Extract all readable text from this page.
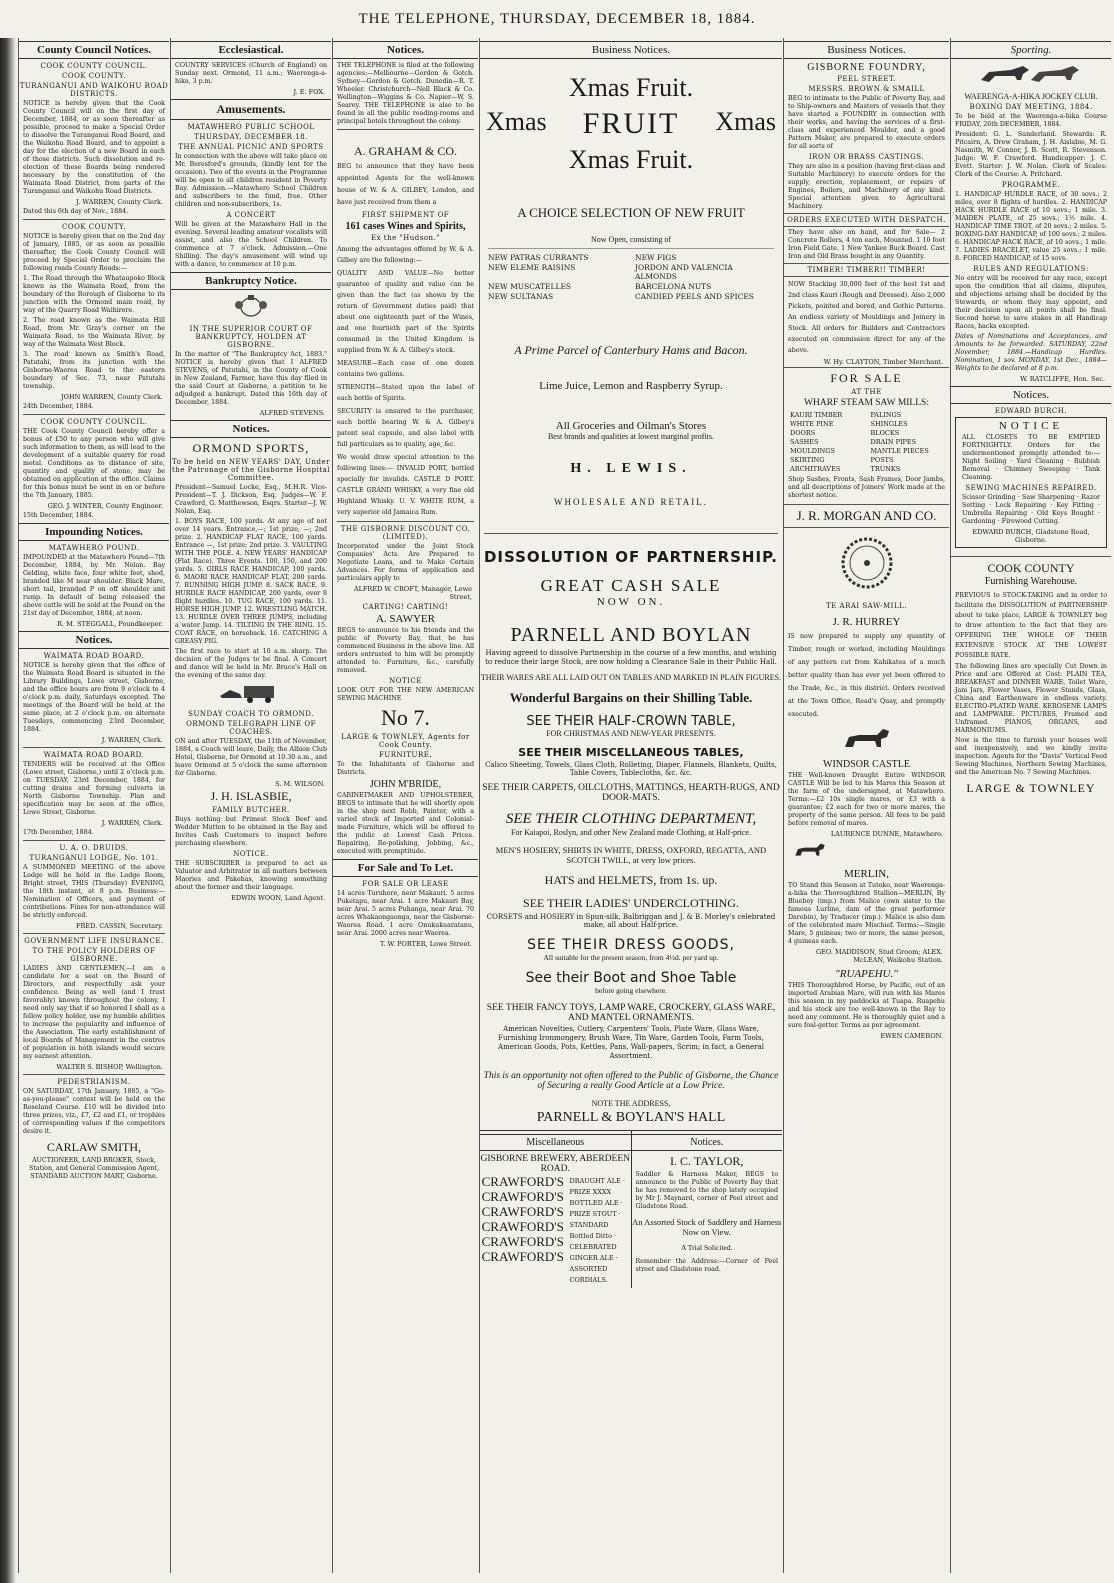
THE TELEPHONE, THURSDAY, DECEMBER 18, 1884.
County Council Notices.
COOK COUNTY COUNCIL.
COOK COUNTY.
TURANGANUI AND WAIKOHU ROAD DISTRICTS.
NOTICE is hereby given that the Cook County Council will on the first day of December, 1884, or as soon thereafter as possible, proceed to make a Special Order to dissolve the Turanganui Road Board, and the Waikohu Road Board, and to appoint a day for the election of a new Board in each of those districts. Such dissolution and re-election of these Boards being rendered necessary by the constitution of the Waimata Road District, from parts of the Turanganui and Waikohu Road Districts.
J. WARREN, County Clerk.
Dated this 6th day of Nov., 1884.
COOK COUNTY.
NOTICE is hereby given that on the 2nd day of January, 1885, or as soon as possible thereafter, the Cook County Council will proceed by Special Order to proclaim the following roads County Roads:—
1. The Road through the Whataupoko Block known as the Waimata Road, from the boundary of the Borough of Gisborne to its junction with the Ormond main road, by way of the Quarry Road Waihirere.
2. The road known as the Waimata Hill Road, from Mr. Gray's corner on the Waimata Road, to the Waimata River, by way of the Waimata West Block.
3. The road known as Smith's Road, Patutahi, from its junction with the Gisborne-Waerea Road to the eastern boundary of Sec. 73, near Patutahi township.
JOHN WARREN, County Clerk.
24th December, 1884.
COOK COUNTY COUNCIL.
THE Cook County Council hereby offer a bonus of £50 to any person who will give such information to them, as will lead to the development of a suitable quarry for road metal. Conditions as to distance of site, quantity and quality of stone, may be obtained on application at the office. Claims for this bonus must be sent in on or before the 7th January, 1885.
GEO. J. WINTER, County Engineer.
15th December, 1884.
Impounding Notices.
MATAWHERO POUND.
IMPOUNDED at the Matawhero Pound—7th December, 1884, by Mr. Nolan. Bay Gelding, white face, four white feet, shod, branded like M near shoulder. Black Mare, short tail, branded P on off shoulder and rump. In default of being released the above cattle will be sold at the Pound on the 21st day of December, 1884, at noon.
R. M. STEGGALL, Poundkeeper.
Notices.
WAIMATA ROAD BOARD.
NOTICE is hereby given that the office of the Waimata Road Board is situated in the Library Buildings, Lowe street, Gisborne, and the office hours are from 9 o'clock to 4 o'clock p.m. daily, Saturdays excepted. The meetings of the Board will be held at the same place, at 2 o'clock p.m. on alternate Tuesdays, commencing 23rd December, 1884.
J. WARREN, Clerk.
WAIMATA ROAD BOARD.
TENDERS will be received at the Office (Lowe street, Gisborne,) until 2 o'clock p.m. on TUESDAY, 23rd December, 1884, for cutting drains and forming culverts in North Gisborne Township. Plan and specification may be seen at the office, Lowe Street, Gisborne.
J. WARREN, Clerk.
17th December, 1884.
U. A. O. DRUIDS.
TURANGANUI LODGE, No. 101.
A SUMMONED MEETING of the above Lodge will be held in the Lodge Room, Bright street, THIS (Thursday) EVENING, the 18th instant, at 8 p.m. Business:—Nomination of Officers, and payment of contributions. Fines for non-attendance will be strictly enforced.
FRED. CASSIN, Secretary.
GOVERNMENT LIFE INSURANCE.
TO THE POLICY HOLDERS OF GISBORNE.
LADIES AND GENTLEMEN,—I am a candidate for a seat on the Board of Directors, and respectfully ask your confidence. Being as well (and I trust favorably) known throughout the colony, I need only say that if so honored I shall as a fellow policy holder, use my humble abilities to increase the popularity and influence of the Association. The early establishment of local Boards of Management in the centres of population in both islands would secure my earnest attention.
WALTER S. BISHOP, Wellington.
PEDESTRIANISM.
ON SATURDAY, 17th January, 1885, a "Go-as-you-please" contest will be held on the Roseland Course. £10 will be divided into three prizes, viz., £7, £2 and £1, or trophies of corresponding values if the competitors desire it.
CARLAW SMITH,
AUCTIONEER, LAND BROKER, Stock, Station, and General Commission Agent, STANDARD AUCTION MART, Gisborne.
Ecclesiastical.
COUNTRY SERVICES (Church of England) on Sunday next. Ormond, 11 a.m.; Waerenga-a-hika, 3 p.m.
J. E. FOX.
Amusements.
MATAWHERO PUBLIC SCHOOL
THURSDAY, DECEMBER 18.
THE ANNUAL PICNIC AND SPORTS
In connection with the above will take place on Mr. Beresford's grounds, (kindly lent for the occasion). Two of the events in the Programme will be open to all children resident in Poverty Bay. Admission.—Matawhero School Children and subscribers to the fund, free. Other children and non-subscribers, 1s.
A CONCERT
Will be given at the Matawhero Hall in the evening. Several leading amateur vocalists will assist, and also the School Children. To commence at 7 o'clock. Admission.—One Shilling. The day's amusement will wind up with a dance, to commence at 10 p.m.
Bankruptcy Notice.
IN THE SUPERIOR COURT OF BANKRUPTCY, HOLDEN AT GISBORNE.
In the matter of "The Bankruptcy Act, 1883." NOTICE is hereby given that I ALFRED STEVENS, of Patutahi, in the County of Cook in New Zealand, Farmer, have this day filed in the said Court at Gisborne, a petition to be adjudged a bankrupt. Dated this 16th day of December, 1884.
ALFRED STEVENS.
Notices.
ORMOND SPORTS,
To be held on NEW YEARS' DAY, Under the Patronage of the Gisborne Hospital Committee.
President—Samuel Locke, Esq., M.H.R. Vice-President—T. J. Dickson, Esq. Judges—W. F. Crawford, G. Matthewson, Esqrs. Starter—J. W. Nolan, Esq.
1. BOYS RACE, 100 yards. At any age of not over 14 years. Entrance,—; 1st prize, —; 2nd prize. 2. HANDICAP FLAT RACE, 100 yards. Entrance —, 1st prize; 2nd prize. 3. VAULTING WITH THE POLE. 4. NEW YEARS' HANDICAP (Flat Race). Three Events. 100, 150, and 200 yards. 5. GIRLS RACE HANDICAP, 100 yards. 6. MAORI RACE HANDICAP FLAT, 200 yards. 7. RUNNING HIGH JUMP. 8. SACK RACE. 9. HURDLE RACE HANDICAP, 200 yards, over 8 flight hurdles. 10. TUG RACE, 100 yards. 11. HORSE HIGH JUMP. 12. WRESTLING MATCH. 13. HURDLE OVER THREE JUMPS, including a water Jump. 14. TILTING IN THE RING. 15. COAT RACE, on horseback. 16. CATCHING A GREASY PIG.
The first race to start at 10 a.m. sharp. The decision of the Judges to be final. A Concert and dance will be held in Mr. Bruce's Hall on the evening of the same day.
SUNDAY COACH TO ORMOND.
ORMOND TELEGRAPH LINE OF COACHES.
ON and after TUESDAY, the 11th of November, 1884, a Coach will leave, Daily, the Albion Club Hotel, Gisborne, for Ormond at 10.30 a.m., and leave Ormond at 5 o'clock the same afternoon for Gisborne.
S. M. WILSON.
J. H. ISLASBIE,
FAMILY BUTCHER.
Buys nothing but Primest Stock Beef and Wedder Mutton to be obtained in the Bay and Invites Cash Customers to inspect before purchasing elsewhere.
NOTICE.
THE SUBSCRIBER is prepared to act as Valuator and Arbitrator in all matters between Maories and Pakehas, knowing something about the former and their language.
EDWIN WOON, Land Agent.
Notices.
THE TELEPHONE is filed at the following agencies:—Melbourne—Gordon & Gotch. Sydney—Gordon & Gotch. Dunedin—R. T. Wheeler. Christchurch—Nell Black & Co. Wellington—Wiggins & Co. Napier—W. S. Searey. THE TELEPHONE is also to be found in all the public reading-rooms and principal hotels throughout the colony.
A. GRAHAM & CO.
BEG to announce that they have been appointed Agents for the well-known house of W. & A. GILBEY, London, and have just received from them a
FIRST SHIPMENT OF
161 cases Wines and Spirits,
Ex the "Hudson."
Among the advantages offered by W. & A. Gilbey are the following:—
QUALITY AND VALUE—No better guarantee of quality and value can be given than the fact (as shown by the return of Government duties paid) that about one eighteenth part of the Wines, and one fourtieth part of the Spirits consumed in the United Kingdom is supplied from W. & A. Gilbey's stock.
MEASURE—Each case of one dozen contains two gallons.
STRENGTH—Stated upon the label of each bottle of Spirits.
SECURITY is ensured to the purchaser, each bottle bearing W. & A. Gilbey's patent seal capsule, and also label with full particulars as to quality, age, &c.
We would draw special attention to the following lines:— INVALID PORT, bottled specially for invalids. CASTLE D PORT. CASTLE GRAND WHISKY, a very fine old Highland Whisky. U. V. WHITE RUM, a very superior old Jamaica Rum.
THE GISBORNE DISCOUNT CO. (LIMITED).
Incorporated under the Joint Stock Companies' Acts. Are Prepared to Negotiate Loans, and to Make Certain Advances. For forms of application and particulars apply to
ALFRED W. CROFT, Manager, Lowe Street,
CARTING! CARTING!
A. SAWYER
BEGS to announce to his friends and the public of Poverty Bay, that he has commenced business in the above line. All orders entrusted to him will be promptly attended to. Furniture, &c., carefully removed.
NOTICE
LOOK OUT FOR THE NEW AMERICAN SEWING MACHINE
No 7.
LARGE & TOWNLEY, Agents for Cook County.
FURNITURE.
To the Inhabitants of Gisborne and Districts.
JOHN M'BRIDE,
CABINETMAKER AND UPHOLSTERER, BEGS to intimate that he will shortly open in the shop next Robb, Painter, with a varied stock of Imported and Colonial-made Furniture, which will be offered to the public at Lowest Cash Prices. Repairing, Re-polishing, Jobbing, &c., executed with promptitude.
For Sale and To Let.
FOR SALE OR LEASE
14 acres Turuhere, near Makauri. 5 acres Puketapu, near Arai. 1 acre Makauri Bay, near Arai. 5 acres Puhanga, near Arai. 70 acres Whakaongaonga, near the Gisborne-Waerea Road. 1 acre Onukukuaratanu, near Arai. 2000 acres near Waerea.
T. W. PORTER, Lowe Street.
Business Notices.
Xmas Fruit.
Xmas FRUIT Xmas
Xmas Fruit.
A CHOICE SELECTION OF NEW FRUIT
Now Open, consisting of
NEW PATRAS CURRANTS	NEW FIGS
NEW ELEME RAISINS	JORDON AND VALENCIA ALMONDS
NEW MUSCATELLES	BARCELONA NUTS
NEW SULTANAS	CANDIED PEELS AND SPICES
A Prime Parcel of Canterbury Hams and Bacon.
Lime Juice, Lemon and Raspberry Syrup.
All Groceries and Oilman's Stores
Best brands and qualities at lowest marginal profits.
H. LEWIS.
WHOLESALE AND RETAIL.
DISSOLUTION OF PARTNERSHIP.
GREAT CASH SALE
NOW ON.
PARNELL AND BOYLAN
Having agreed to dissolve Partnership in the course of a few months, and wishing to reduce their large Stock, are now holding a Clearance Sale in their Public Hall.
THEIR WARES ARE ALL LAID OUT ON TABLES AND MARKED IN PLAIN FIGURES.
Wonderful Bargains on their Shilling Table.
SEE THEIR HALF-CROWN TABLE,
FOR CHRISTMAS AND NEW-YEAR PRESENTS.
SEE THEIR MISCELLANEOUS TABLES,
Calico Sheeting, Towels, Glass Cloth, Rolleting, Diaper, Flannels, Blankets, Quilts, Table Covers, Tablecloths, &c. &c.
SEE THEIR CARPETS, OILCLOTHS, MATTINGS, HEARTH-RUGS, AND DOOR-MATS.
SEE THEIR CLOTHING DEPARTMENT,
For Kaiapoi, Roslyn, and other New Zealand made Clothing, at Half-price.
MEN'S HOSIERY, SHIRTS IN WHITE, DRESS, OXFORD, REGATTA, AND SCOTCH TWILL, at very low prices.
HATS and HELMETS, from 1s. up.
SEE THEIR LADIES' UNDERCLOTHING.
CORSETS and HOSIERY in Spun-silk, Balbriggan and J. & B. Morley's celebrated make, all about Half-price.
SEE THEIR DRESS GOODS,
All suitable for the present season, from 4½d. per yard up.
See their Boot and Shoe Table
before going elsewhere.
SEE THEIR FANCY TOYS, LAMP WARE, CROCKERY, GLASS WARE, AND MANTEL ORNAMENTS.
American Novelties, Cutlery, Carpenters' Tools, Plate Ware, Glass Ware, Furnishing Ironmongery, Brush Ware, Tin Ware, Garden Tools, Farm Tools, American Goods, Pots, Kettles, Pans, Wall-papers, Scrim; in fact, a General Assortment.
This is an opportunity not often offered to the Public of Gisborne, the Chance of Securing a really Good Article at a Low Price.
NOTE THE ADDRESS,
PARNELL & BOYLAN'S HALL
Miscellaneous
GISBORNE BREWERY, ABERDEEN ROAD.
CRAWFORD'S
CRAWFORD'S
CRAWFORD'S
CRAWFORD'S
CRAWFORD'S
CRAWFORD'S
DRAUGHT ALE · PRIZE XXXX BOTTLED ALE · PRIZE STOUT · STANDARD Bottled Ditto · CELEBRATED GINGER ALE · ASSORTED CORDIALS.
Notices.
I. C. TAYLOR,
Saddler & Harness Maker, BEGS to announce to the Public of Poverty Bay that he has removed to the shop lately occupied by Mr J. Maynard, corner of Peel street and Gladstone Road.
An Assorted Stock of Saddlery and Harness Now on View.
A Trial Solicited.
Remember the Address:—Corner of Peel street and Gladstone road.
Business Notices.
GISBORNE FOUNDRY,
PEEL STREET.
MESSRS. BROWN & SMAILL
BEG to intimate to the Public of Poverty Bay, and to Ship-owners and Masters of vessels that they have started a FOUNDRY in connection with their works, and having the services of a first-class and experienced Moulder, and a good Pattern Maker, are prepared to execute orders for all sorts of
IRON OR BRASS CASTINGS.
They are also in a position (having first-class and Suitable Machinery) to execute orders for the supply, erection, replacement, or repairs of Engines, Boilers, and Machinery of any kind. Special attention given to Agricultural Machinery.
ORDERS EXECUTED WITH DESPATCH.
They have also on hand, and for Sale— 2 Concrete Rollers, 4 ton each, Mounted. 1 10 foot Iron Field Gate. 1 New Yankee Buck Board. Cast Iron and Old Brass bought in any Quantity.
TIMBER! TIMBER!! TIMBER!
NOW Stacking 30,000 feet of the best 1st and 2nd class Kauri (Rough and Dressed). Also 2,000 Pickets, pointed and bored, and Gothic Patterns. An endless variety of Mouldings and Joinery in Stock. All orders for Builders and Contractors executed on commission direct for any of the above.
W. Hy. CLAYTON, Timber Merchant.
FOR SALE
AT THE
WHARF STEAM SAW MILLS:
KAURI TIMBER	PALINGS
WHITE PINE	SHINGLES
DOORS	BLOCKS
SASHES	DRAIN PIPES
MOULDINGS	MANTLE PIECES
SKIRTING	POSTS
ARCHITRAVES	TRUNKS
Shop Sashes, Fronts, Sash Frames, Door Jambs, and all descriptions of Joiners' Work made at the shortest notice.
J. R. MORGAN AND CO.
TE ARAI SAW-MILL.
J. R. HURREY
IS now prepared to supply any quantity of Timber, rough or worked, including Mouldings of any pattern cut from Kahikatea of a much better quality than has ever yet been offered to the Trade, &c., in this district. Orders received at the Town Office, Read's Quay, and promptly executed.
WINDSOR CASTLE
THE Well-known Draught Entire WINDSOR CASTLE Will be led to his Mares this Season at the farm of the undersigned, at Matawhero. Terms:—£2 10s single mares, or £3 with a guarantee; £2 each for two or more mares, the property of the same person. All fees to be paid before removal of mares.
LAURENCE DUNNE, Matawhero.
MERLIN,
TO Stand this Season at Tutoko, near Waerenga-a-hika the Thoroughbred Stallion—MERLIN, By Bluebey (imp.) from Malice (own sister to the famous Lurline, dam of the great performer Darebin), by Traducer (imp.). Malice is also dam of the celebrated mare Mischief. Terms:—Single Mare, 5 guineas; two or more, the same person, 4 guineas each.
GEO. MADDISON, Stud Groom; ALEX. McLEAN, Waikohu Station.
"RUAPEHU."
THIS Thoroughbred Horse, by Pacific, out of an imported Arabian Mare, will run with his Mares this season in my paddocks at Tuapa. Ruapehu and his stock are too well-known in the Bay to need any comment. He is thoroughly quiet and a sure foal-getter. Terms as per agreement.
EWEN CAMERON.
Sporting.
WAERENGA-A-HIKA JOCKEY CLUB.
BOXING DAY MEETING, 1884.
To be held at the Waerenga-a-hika Course FRIDAY, 26th DECEMBER, 1884.
President: G. L. Sunderland. Stewards: R. Pitcairn, A. Drew Graham, J. H. Aislabie, M. G. Nasmith, W. Connor, J. B. Scott, R. Stevenson. Judge: W. F. Crawford. Handicapper: J. C. Evett. Starter: J. W. Nolan. Clerk of Scales: Clerk of the Course: A. Pritchard.
PROGRAMME.
1. HANDICAP HURDLE RACE, of 30 sovs.; 2 miles, over 8 flights of hurdles. 2. HANDICAP HACK HURDLE RACE of 10 sovs.; 1 mile. 3. MAIDEN PLATE, of 25 sovs.; 1½ mile. 4. HANDICAP TIME TROT, of 20 sovs.; 2 miles. 5. BOXING-DAY HANDICAP, of 100 sovs.; 2 miles. 6. HANDICAP HACK RACE, of 10 sovs.; 1 mile. 7. LADIES BRACELET, value 25 sovs.; 1 mile. 8. FORCED HANDICAP, of 15 sovs.
RULES AND REGULATIONS:
No entry will be received for any race, except upon the condition that all claims, disputes, and objections arising shall be decided by the Stewards, or whom they may appoint, and their decision upon all points shall be final. Second horse to save stakes in all Handicap Races, hacks excepted.
Dates of Nominations and Acceptances, and Amounts to be forwarded. SATURDAY, 22nd November, 1884.—Handicap Hurdles. Nomination, 1 sov. MONDAY, 1st Dec., 1884—Weights to be declared at 8 p.m.
W. RATCLIFFE, Hon. Sec.
Notices.
EDWARD BURCH.
NOTICE
ALL CLOSETS TO BE EMPTIED FORTNIGHTLY. Orders for the undermentioned promptly attended to:— Night Soiling · Yard Cleaning · Rubbish Removal · Chimney Sweeping · Tank Cleaning.
SEWING MACHINES REPAIRED.
Scissor Grinding · Saw Sharpening · Razor Setting · Lock Repairing · Key Fitting · Umbrella Repairing · Old Keys Bought · Gardening · Firewood Cutting.
EDWARD BURCH, Gladstone Road, Gisborne.
COOK COUNTY
Furnishing Warehouse.
PREVIOUS to STOCK-TAKING and in order to facilitate the DISSOLUTION of PARTNERSHIP about to take place, LARGE & TOWNLEY beg to draw attention to the fact that they are OFFERING THE WHOLE OF THEIR EXTENSIVE STOCK AT THE LOWEST POSSIBLE RATE.
The following lines are specially Cut Down in Price and are Offered at Cost: PLAIN TEA, BREAKFAST and DINNER WARE, Toilet Ware, Jam Jars, Flower Vases, Flower Stands, Glass, China and Earthenware in endless variety. ELECTRO-PLATED WARE. KEROSENE LAMPS and LAMPWARE. PICTURES, Framed and Unframed. PIANOS, ORGANS, and HARMONIUMS.
Now is the time to furnish your houses well and inexpensively, and we kindly invite inspection. Agents for the "Davis" Vertical Feed Sewing Machines, Northern Sewing Machines, and the American No. 7 Sewing Machines.
LARGE & TOWNLEY
